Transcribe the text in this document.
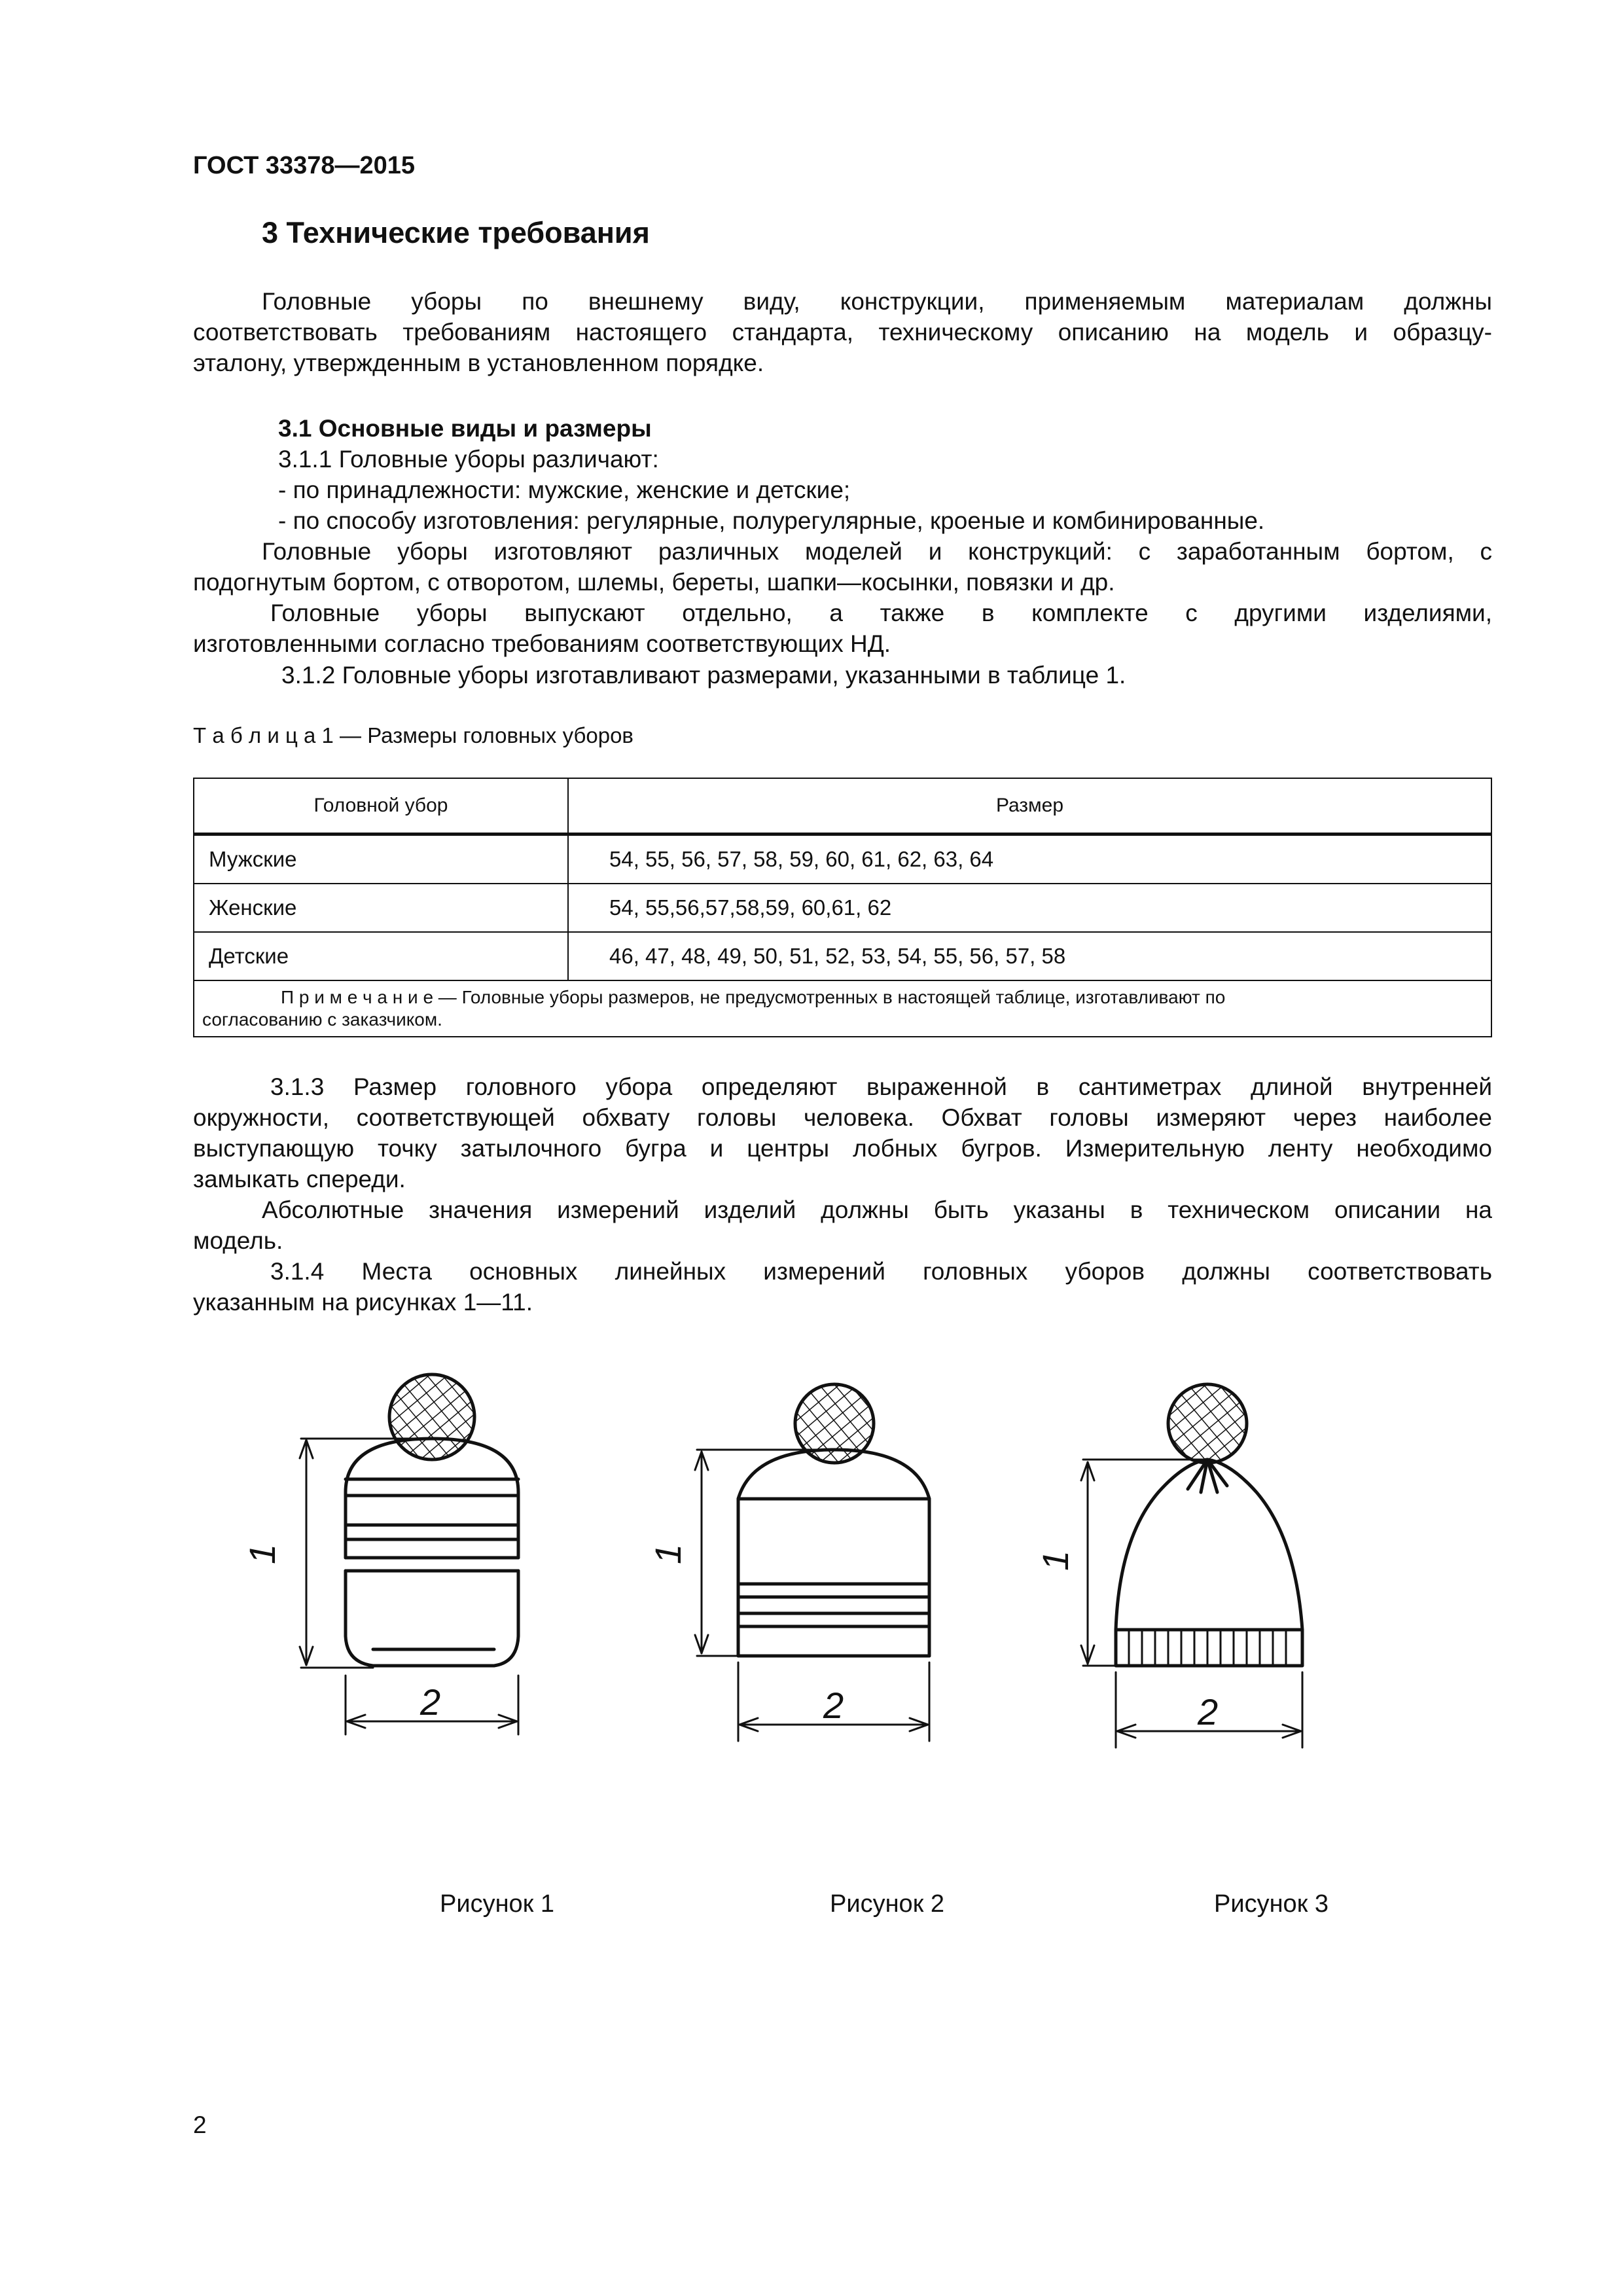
ГОСТ 33378—2015
3 Технические требования
Головные уборы по внешнему виду, конструкции, применяемым материалам должны
соответствовать требованиям настоящего стандарта, техническому описанию на модель и образцу-
эталону, утвержденным в установленном порядке.
3.1 Основные виды и размеры
3.1.1 Головные уборы различают:
- по принадлежности: мужские, женские и детские;
- по способу изготовления: регулярные, полурегулярные, кроеные и комбинированные.
Головные уборы изготовляют различных моделей и конструкций: с заработанным бортом, с
подогнутым бортом, с отворотом, шлемы, береты, шапки—косынки, повязки и др.
Головные уборы выпускают отдельно, а также в комплекте с другими изделиями,
изготовленными согласно требованиям соответствующих НД.
3.1.2 Головные уборы изготавливают размерами, указанными в таблице 1.
Т а б л и ц а 1 — Размеры головных уборов
Головной убор	Размер
Мужские	54, 55, 56, 57, 58, 59, 60, 61, 62, 63, 64
Женские	54, 55,56,57,58,59, 60,61, 62
Детские	46, 47, 48, 49, 50, 51, 52, 53, 54, 55, 56, 57, 58

П р и м е ч а н и е — Головные уборы размеров, не предусмотренных в настоящей таблице, изготавливают по
согласованию с заказчиком.	
3.1.3 Размер головного убора определяют выраженной в сантиметрах длиной внутренней
окружности, соответствующей обхвату головы человека. Обхват головы измеряют через наиболее
выступающую точку затылочного бугра и центры лобных бугров. Измерительную ленту необходимо
замыкать спереди.
Абсолютные значения измерений изделий должны быть указаны в техническом описании на
модель.
3.1.4 Места основных линейных измерений головных уборов должны соответствовать
указанным на рисунках 1—11.
1
2
1
2
1
2
Рисунок 1	Рисунок 2	Рисунок 3
2
